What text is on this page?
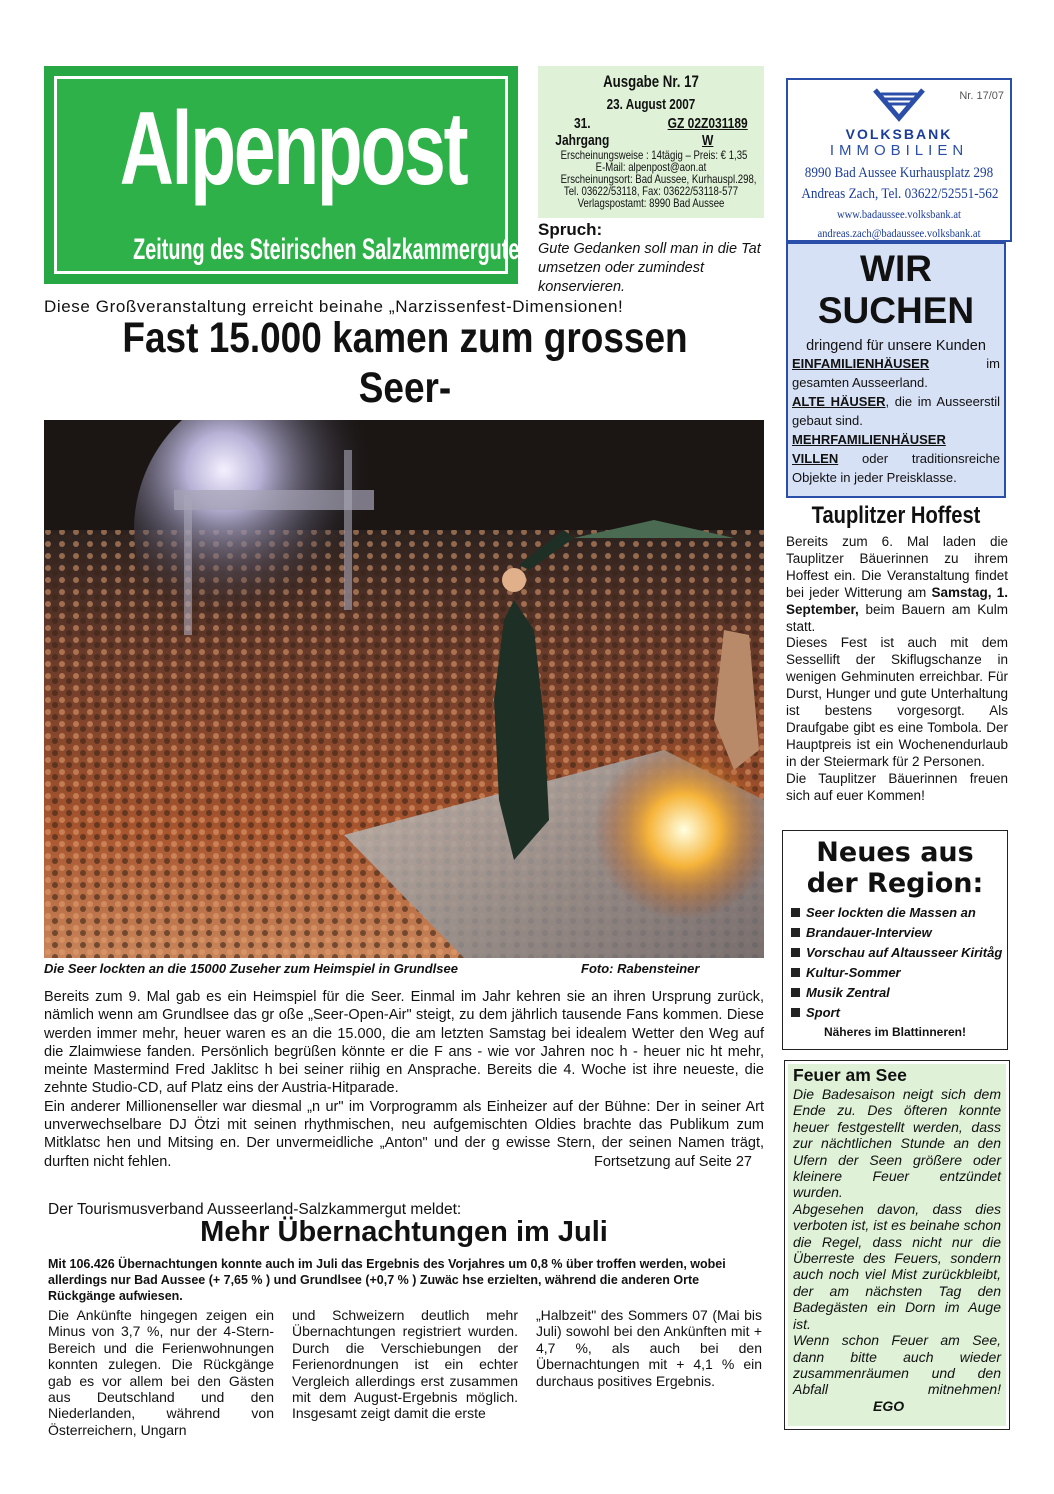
Alpenpost
Zeitung des Steirischen Salzkammergutes
Ausgabe Nr. 17
23. August 2007
31. Jahrgang
GZ 02Z031189 W
Erscheinungsweise : 14tägig – Preis: € 1,35
E-Mail: alpenpost@aon.at
Erscheinungsort: Bad Aussee, Kurhauspl.298,
Tel. 03622/53118, Fax: 03622/53118-577
Verlagspostamt: 8990 Bad Aussee
Spruch:
Gute Gedanken soll man in die Tat umsetzen oder zumindest konservieren.
Nr. 17/07
VOLKSBANK
IMMOBILIEN
8990 Bad Aussee Kurhausplatz 298
Andreas Zach, Tel. 03622/52551-562
www.badaussee.volksbank.at
andreas.zach@badaussee.volksbank.at
WIR
SUCHEN
dringend für unsere Kunden

EINFAMILIENHÄUSER im gesamten Ausseerland.

ALTE HÄUSER, die im Ausseerstil gebaut sind.

MEHRFAMILIENHÄUSER

VILLEN oder traditionsreiche Objekte in jeder Preisklasse.

Diese Großveranstaltung erreicht beinahe „Narzissenfest-Dimensionen!
Fast 15.000 kamen zum grossen Seer-
Die Seer lockten an die 15000 Zuseher zum Heimspiel in Grundlsee	Foto: Rabensteiner

Bereits zum 9. Mal gab es ein Heimspiel für die Seer. Einmal im Jahr kehren sie an ihren Ursprung zurück, nämlich wenn am Grundlsee das gr oße „Seer-Open-Air" steigt, zu dem jährlich tausende Fans kommen. Diese werden immer mehr, heuer waren es an die 15.000, die am letzten Samstag bei idealem Wetter den Weg auf die Zlaimwiese fanden. Persönlich begrüßen könnte er die F ans - wie vor Jahren noc h - heuer nic ht mehr, meinte Mastermind Fred Jaklitsc h bei seiner riihig en Ansprache. Bereits die 4. Woche ist ihre neueste, die zehnte Studio-CD, auf Platz eins der Austria-Hitparade.

Ein anderer Millionenseller war diesmal „n ur" im Vorprogramm als Einheizer auf der Bühne: Der in seiner Art unverwechselbare DJ Ötzi mit seinen rhythmischen, neu aufgemischten Oldies brachte das Publikum zum Mitklatsc hen und Mitsing en. Der unvermeidliche „Anton" und der g ewisse Stern, der seinen Namen trägt, durften nicht fehlen.	Fortsetzung auf Seite 27
Der Tourismusverband Ausseerland-Salzkammergut meldet:
Mehr Übernachtungen im Juli
Mit 106.426 Übernachtungen konnte auch im Juli das Ergebnis des Vorjahres um 0,8 % über troffen werden, wobei allerdings nur Bad Aussee (+ 7,65 % ) und Grundlsee (+0,7 % ) Zuwäc hse erzielten, während die anderen Orte Rückgänge aufwiesen.
Die Ankünfte hingegen zeigen ein Minus von 3,7 %, nur der 4-Stern-Bereich und die Ferienwohnungen konnten zulegen. Die Rückgänge gab es vor allem bei den Gästen aus Deutschland und den Niederlanden, während von Österreichern, Ungarn
und Schweizern deutlich mehr Übernachtungen registriert wurden. Durch die Verschiebungen der Ferienordnungen ist ein echter Vergleich allerdings erst zusammen mit dem August-Ergebnis möglich. Insgesamt zeigt damit die erste
„Halbzeit" des Sommers 07 (Mai bis Juli) sowohl bei den Ankünften mit + 4,7 %, als auch bei den Übernachtungen mit + 4,1 % ein durchaus positives Ergebnis.
Tauplitzer Hoffest

Bereits zum 6. Mal laden die Tauplitzer Bäuerinnen zu ihrem Hoffest ein. Die Veranstaltung findet bei jeder Witterung am Samstag, 1. September, beim Bauern am Kulm statt.

Dieses Fest ist auch mit dem Sessellift der Skiflugschanze in wenigen Gehminuten erreichbar. Für Durst, Hunger und gute Unterhaltung ist bestens vorgesorgt. Als Draufgabe gibt es eine Tombola. Der Hauptpreis ist ein Wochenendurlaub in der Steiermark für 2 Personen.

Die Tauplitzer Bäuerinnen freuen sich auf euer Kommen!

Neues aus
der Region:
Seer lockten die Massen an
Brandauer-Interview
Vorschau auf Altausseer Kiritåg
Kultur-Sommer
Musik Zentral
Sport
Näheres im Blattinneren!
Feuer am See

Die Badesaison neigt sich dem Ende zu. Des öfteren konnte heuer festgestellt werden, dass zur nächtlichen Stunde an den Ufern der Seen größere oder kleinere Feuer entzündet wurden.

Abgesehen davon, dass dies verboten ist, ist es beinahe schon die Regel, dass nicht nur die Überreste des Feuers, sondern auch noch viel Mist zurückbleibt, der am nächsten Tag den Badegästen ein Dorn im Auge ist.

Wenn schon Feuer am See, dann bitte auch wieder zusammenräumen und den Abfall mitnehmen! EGO
